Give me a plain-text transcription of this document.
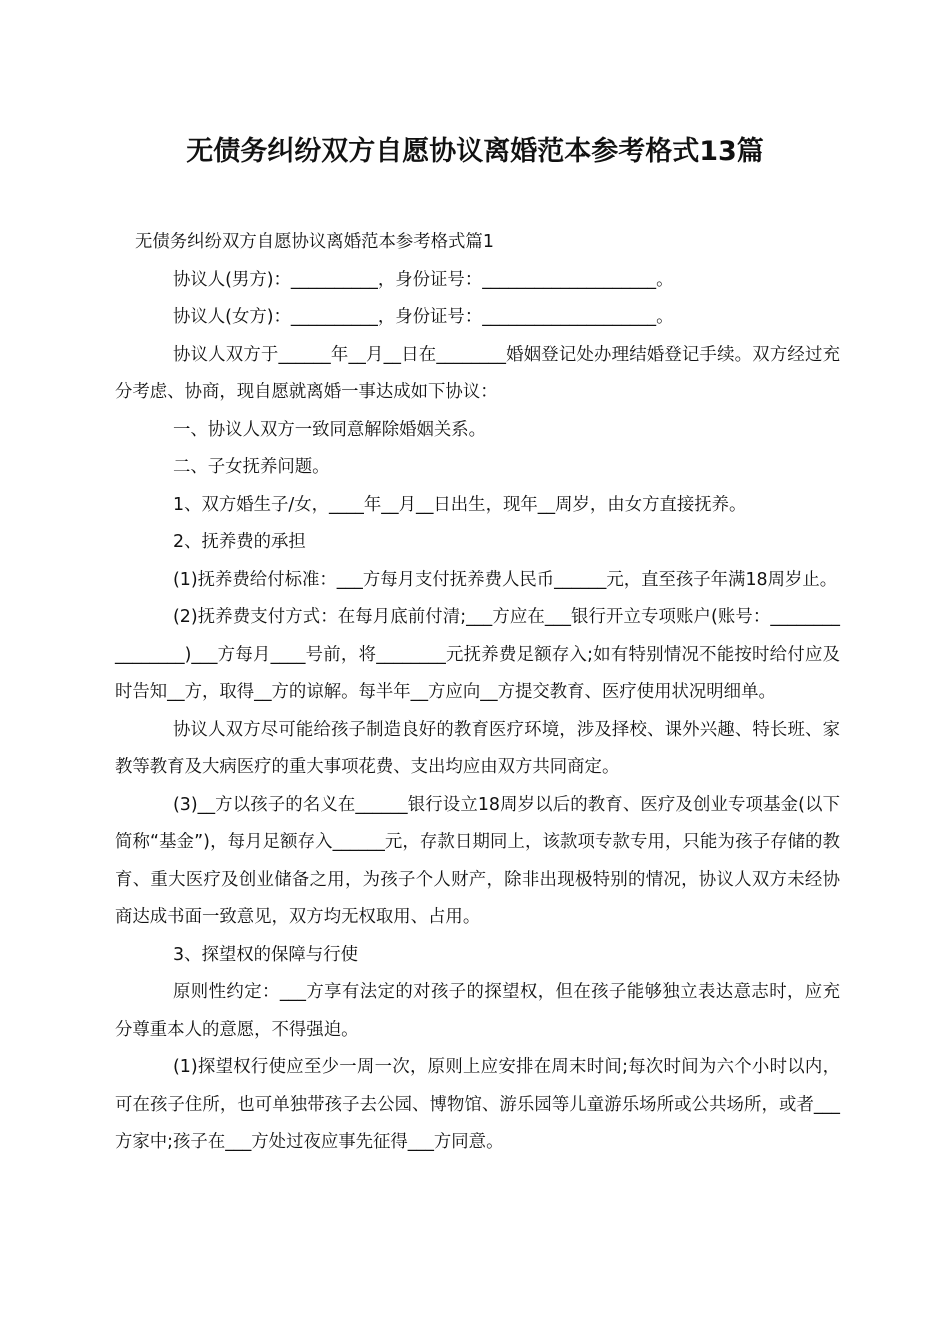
无债务纠纷双方自愿协议离婚范本参考格式13篇

无债务纠纷双方自愿协议离婚范本参考格式篇1

协议人(男方)：__________，身份证号：____________________。

协议人(女方)：__________，身份证号：____________________。

协议人双方于______年__月__日在________婚姻登记处办理结婚登记手续。双方经过充分考虑、协商，现自愿就离婚一事达成如下协议：

一、协议人双方一致同意解除婚姻关系。

二、子女抚养问题。

1、双方婚生子/女，____年__月__日出生，现年__周岁，由女方直接抚养。

2、抚养费的承担

(1)抚养费给付标准：___方每月支付抚养费人民币______元，直至孩子年满18周岁止。

(2)抚养费支付方式：在每月底前付清;___方应在___银行开立专项账户(账号：________________)___方每月____号前，将________元抚养费足额存入;如有特别情况不能按时给付应及时告知__方，取得__方的谅解。每半年__方应向__方提交教育、医疗使用状况明细单。

协议人双方尽可能给孩子制造良好的教育医疗环境，涉及择校、课外兴趣、特长班、家教等教育及大病医疗的重大事项花费、支出均应由双方共同商定。

(3)__方以孩子的名义在______银行设立18周岁以后的教育、医疗及创业专项基金(以下简称“基金”)，每月足额存入______元，存款日期同上，该款项专款专用，只能为孩子存储的教育、重大医疗及创业储备之用，为孩子个人财产，除非出现极特别的情况，协议人双方未经协商达成书面一致意见，双方均无权取用、占用。

3、探望权的保障与行使

原则性约定：___方享有法定的对孩子的探望权，但在孩子能够独立表达意志时，应充分尊重本人的意愿，不得强迫。

(1)探望权行使应至少一周一次，原则上应安排在周末时间;每次时间为六个小时以内，可在孩子住所，也可单独带孩子去公园、博物馆、游乐园等儿童游乐场所或公共场所，或者___方家中;孩子在___方处过夜应事先征得___方同意。
